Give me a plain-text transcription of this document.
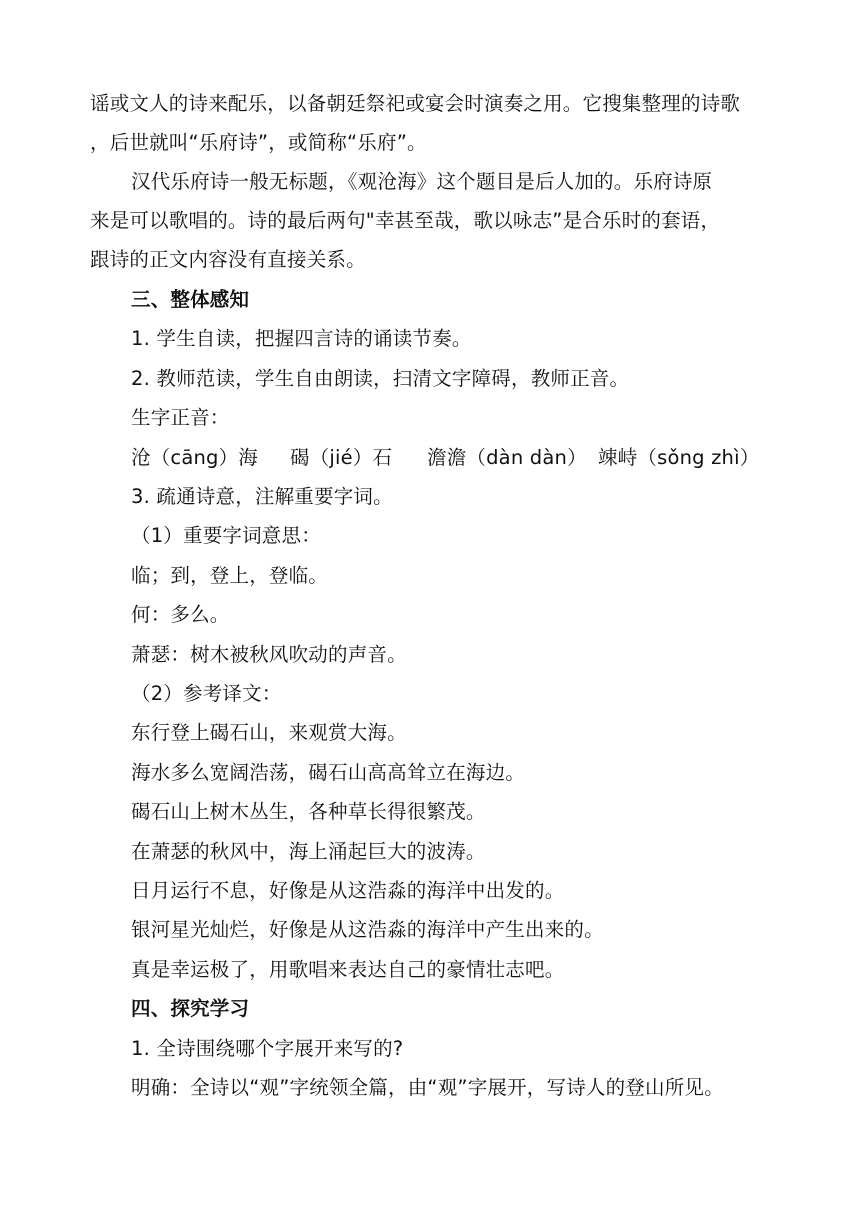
谣或文人的诗来配乐，以备朝廷祭祀或宴会时演奏之用。它搜集整理的诗歌
，后世就叫“乐府诗”，或简称“乐府”。
汉代乐府诗一般无标题，《观沧海》这个题目是后人加的。乐府诗原
来是可以歌唱的。诗的最后两句"幸甚至哉，歌以咏志”是合乐时的套语，
跟诗的正文内容没有直接关系。
三、整体感知
1. 学生自读，把握四言诗的诵读节奏。
2. 教师范读，学生自由朗读，扫清文字障碍，教师正音。
生字正音：
沧（cāng）海 碣（jié）石 澹澹（dàn dàn） 竦峙（sǒng zhì）
3. 疏通诗意，注解重要字词。
（1）重要字词意思：
临；到，登上，登临。
何：多么。
萧瑟：树木被秋风吹动的声音。
（2）参考译文：
东行登上碣石山，来观赏大海。
海水多么宽阔浩荡，碣石山高高耸立在海边。
碣石山上树木丛生，各种草长得很繁茂。
在萧瑟的秋风中，海上涌起巨大的波涛。
日月运行不息，好像是从这浩淼的海洋中出发的。
银河星光灿烂，好像是从这浩淼的海洋中产生出来的。
真是幸运极了，用歌唱来表达自己的豪情壮志吧。
四、探究学习
1. 全诗围绕哪个字展开来写的?
明确：全诗以“观”字统领全篇，由“观”字展开，写诗人的登山所见。
